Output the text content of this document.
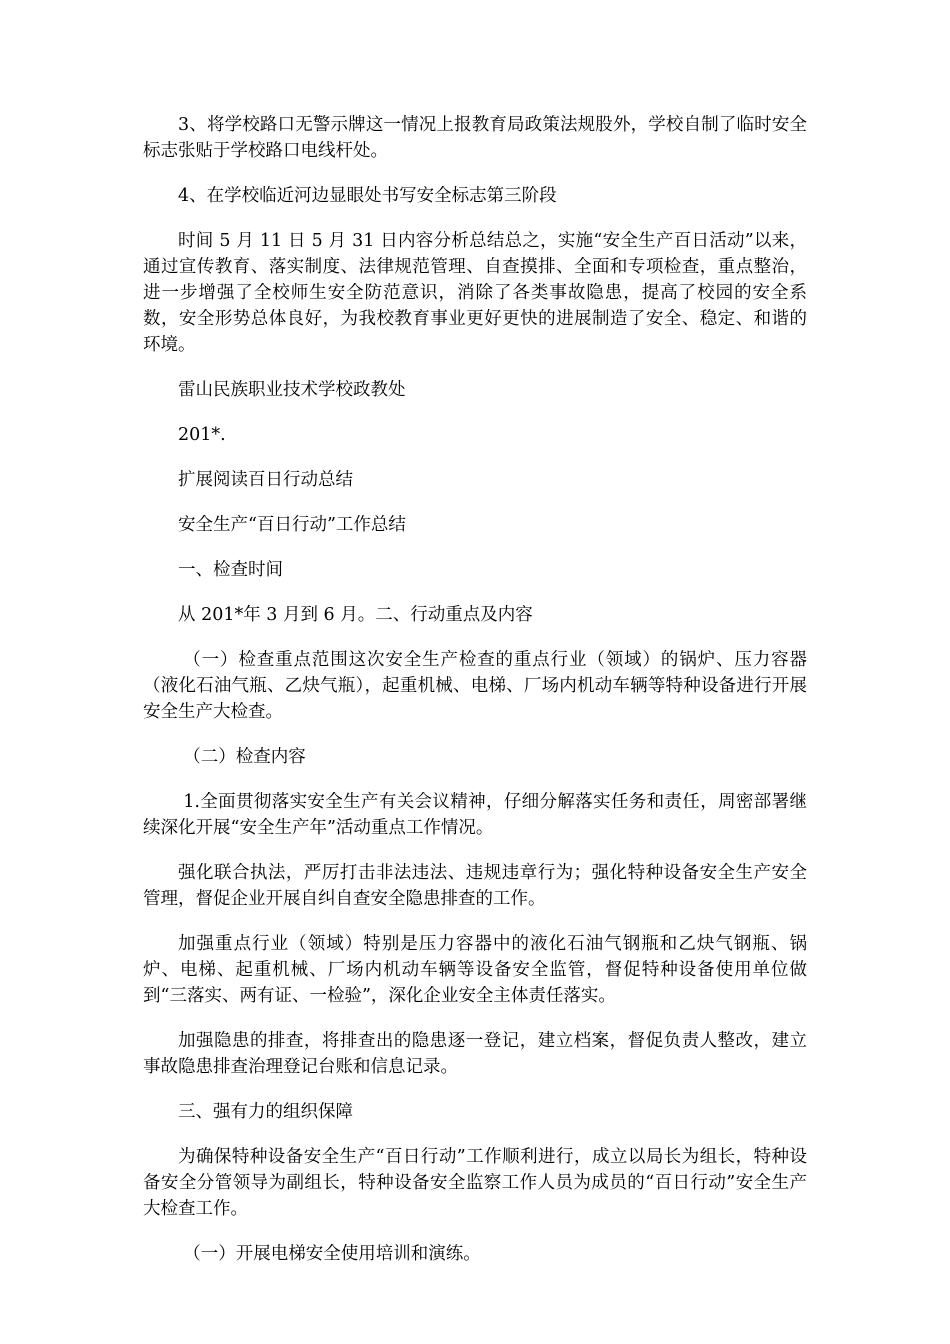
3、将学校路口无警示牌这一情况上报教育局政策法规股外，学校自制了临时安全标志张贴于学校路口电线杆处。

4、在学校临近河边显眼处书写安全标志第三阶段

时间 5 月 11 日 5 月 31 日内容分析总结总之，实施“安全生产百日活动”以来，通过宣传教育、落实制度、法律规范管理、自查摸排、全面和专项检查，重点整治，进一步增强了全校师生安全防范意识，消除了各类事故隐患，提高了校园的安全系数，安全形势总体良好，为我校教育事业更好更快的进展制造了安全、稳定、和谐的环境。

雷山民族职业技术学校政教处

201*.

扩展阅读百日行动总结

安全生产“百日行动”工作总结

一、检查时间

从 201*年 3 月到 6 月。二、行动重点及内容

（一）检查重点范围这次安全生产检查的重点行业（领域）的锅炉、压力容器（液化石油气瓶、乙炔气瓶），起重机械、电梯、厂场内机动车辆等特种设备进行开展安全生产大检查。

（二）检查内容

1.全面贯彻落实安全生产有关会议精神，仔细分解落实任务和责任，周密部署继续深化开展“安全生产年”活动重点工作情况。

强化联合执法，严厉打击非法违法、违规违章行为；强化特种设备安全生产安全管理，督促企业开展自纠自查安全隐患排查的工作。

加强重点行业（领域）特别是压力容器中的液化石油气钢瓶和乙炔气钢瓶、锅炉、电梯、起重机械、厂场内机动车辆等设备安全监管，督促特种设备使用单位做到“三落实、两有证、一检验”，深化企业安全主体责任落实。

加强隐患的排查，将排查出的隐患逐一登记，建立档案，督促负责人整改，建立事故隐患排查治理登记台账和信息记录。

三、强有力的组织保障

为确保特种设备安全生产“百日行动”工作顺利进行，成立以局长为组长，特种设备安全分管领导为副组长，特种设备安全监察工作人员为成员的“百日行动”安全生产大检查工作。

（一）开展电梯安全使用培训和演练。
